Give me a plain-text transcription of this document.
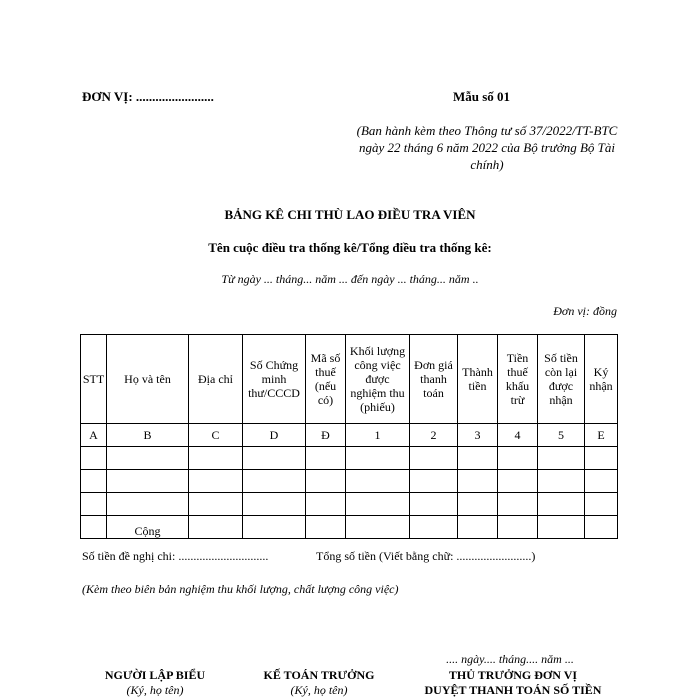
ĐƠN VỊ: ........................	Mẫu số 01
(Ban hành kèm theo Thông tư số 37/2022/TT-BTC ngày 22 tháng 6 năm 2022 của Bộ trưởng Bộ Tài chính)
BẢNG KÊ CHI THÙ LAO ĐIỀU TRA VIÊN
Tên cuộc điều tra thống kê/Tổng điều tra thống kê:
Từ ngày ... tháng... năm ... đến ngày ... tháng... năm ..
Đơn vị: đồng
STT	Họ và tên	Địa chỉ	Số Chứng minh thư/CCCD	Mã số thuế (nếu có)	Khối lượng công việc được nghiệm thu (phiếu)	Đơn giá thanh toán	Thành tiền	Tiền thuế khấu trừ	Số tiền còn lại được nhận	Ký nhận
A	B	C	D	Đ	1	2	3	4	5	E

	Cộng									
Số tiền đề nghị chi: ..............................	Tổng số tiền (Viết bằng chữ: .........................)
(Kèm theo biên bản nghiệm thu khối lượng, chất lượng công việc)
.... ngày.... tháng.... năm ...
NGƯỜI LẬP BIỂU
(Ký, họ tên)
KẾ TOÁN TRƯỞNG
(Ký, họ tên)
THỦ TRƯỞNG ĐƠN VỊ
DUYỆT THANH TOÁN SỐ TIỀN
